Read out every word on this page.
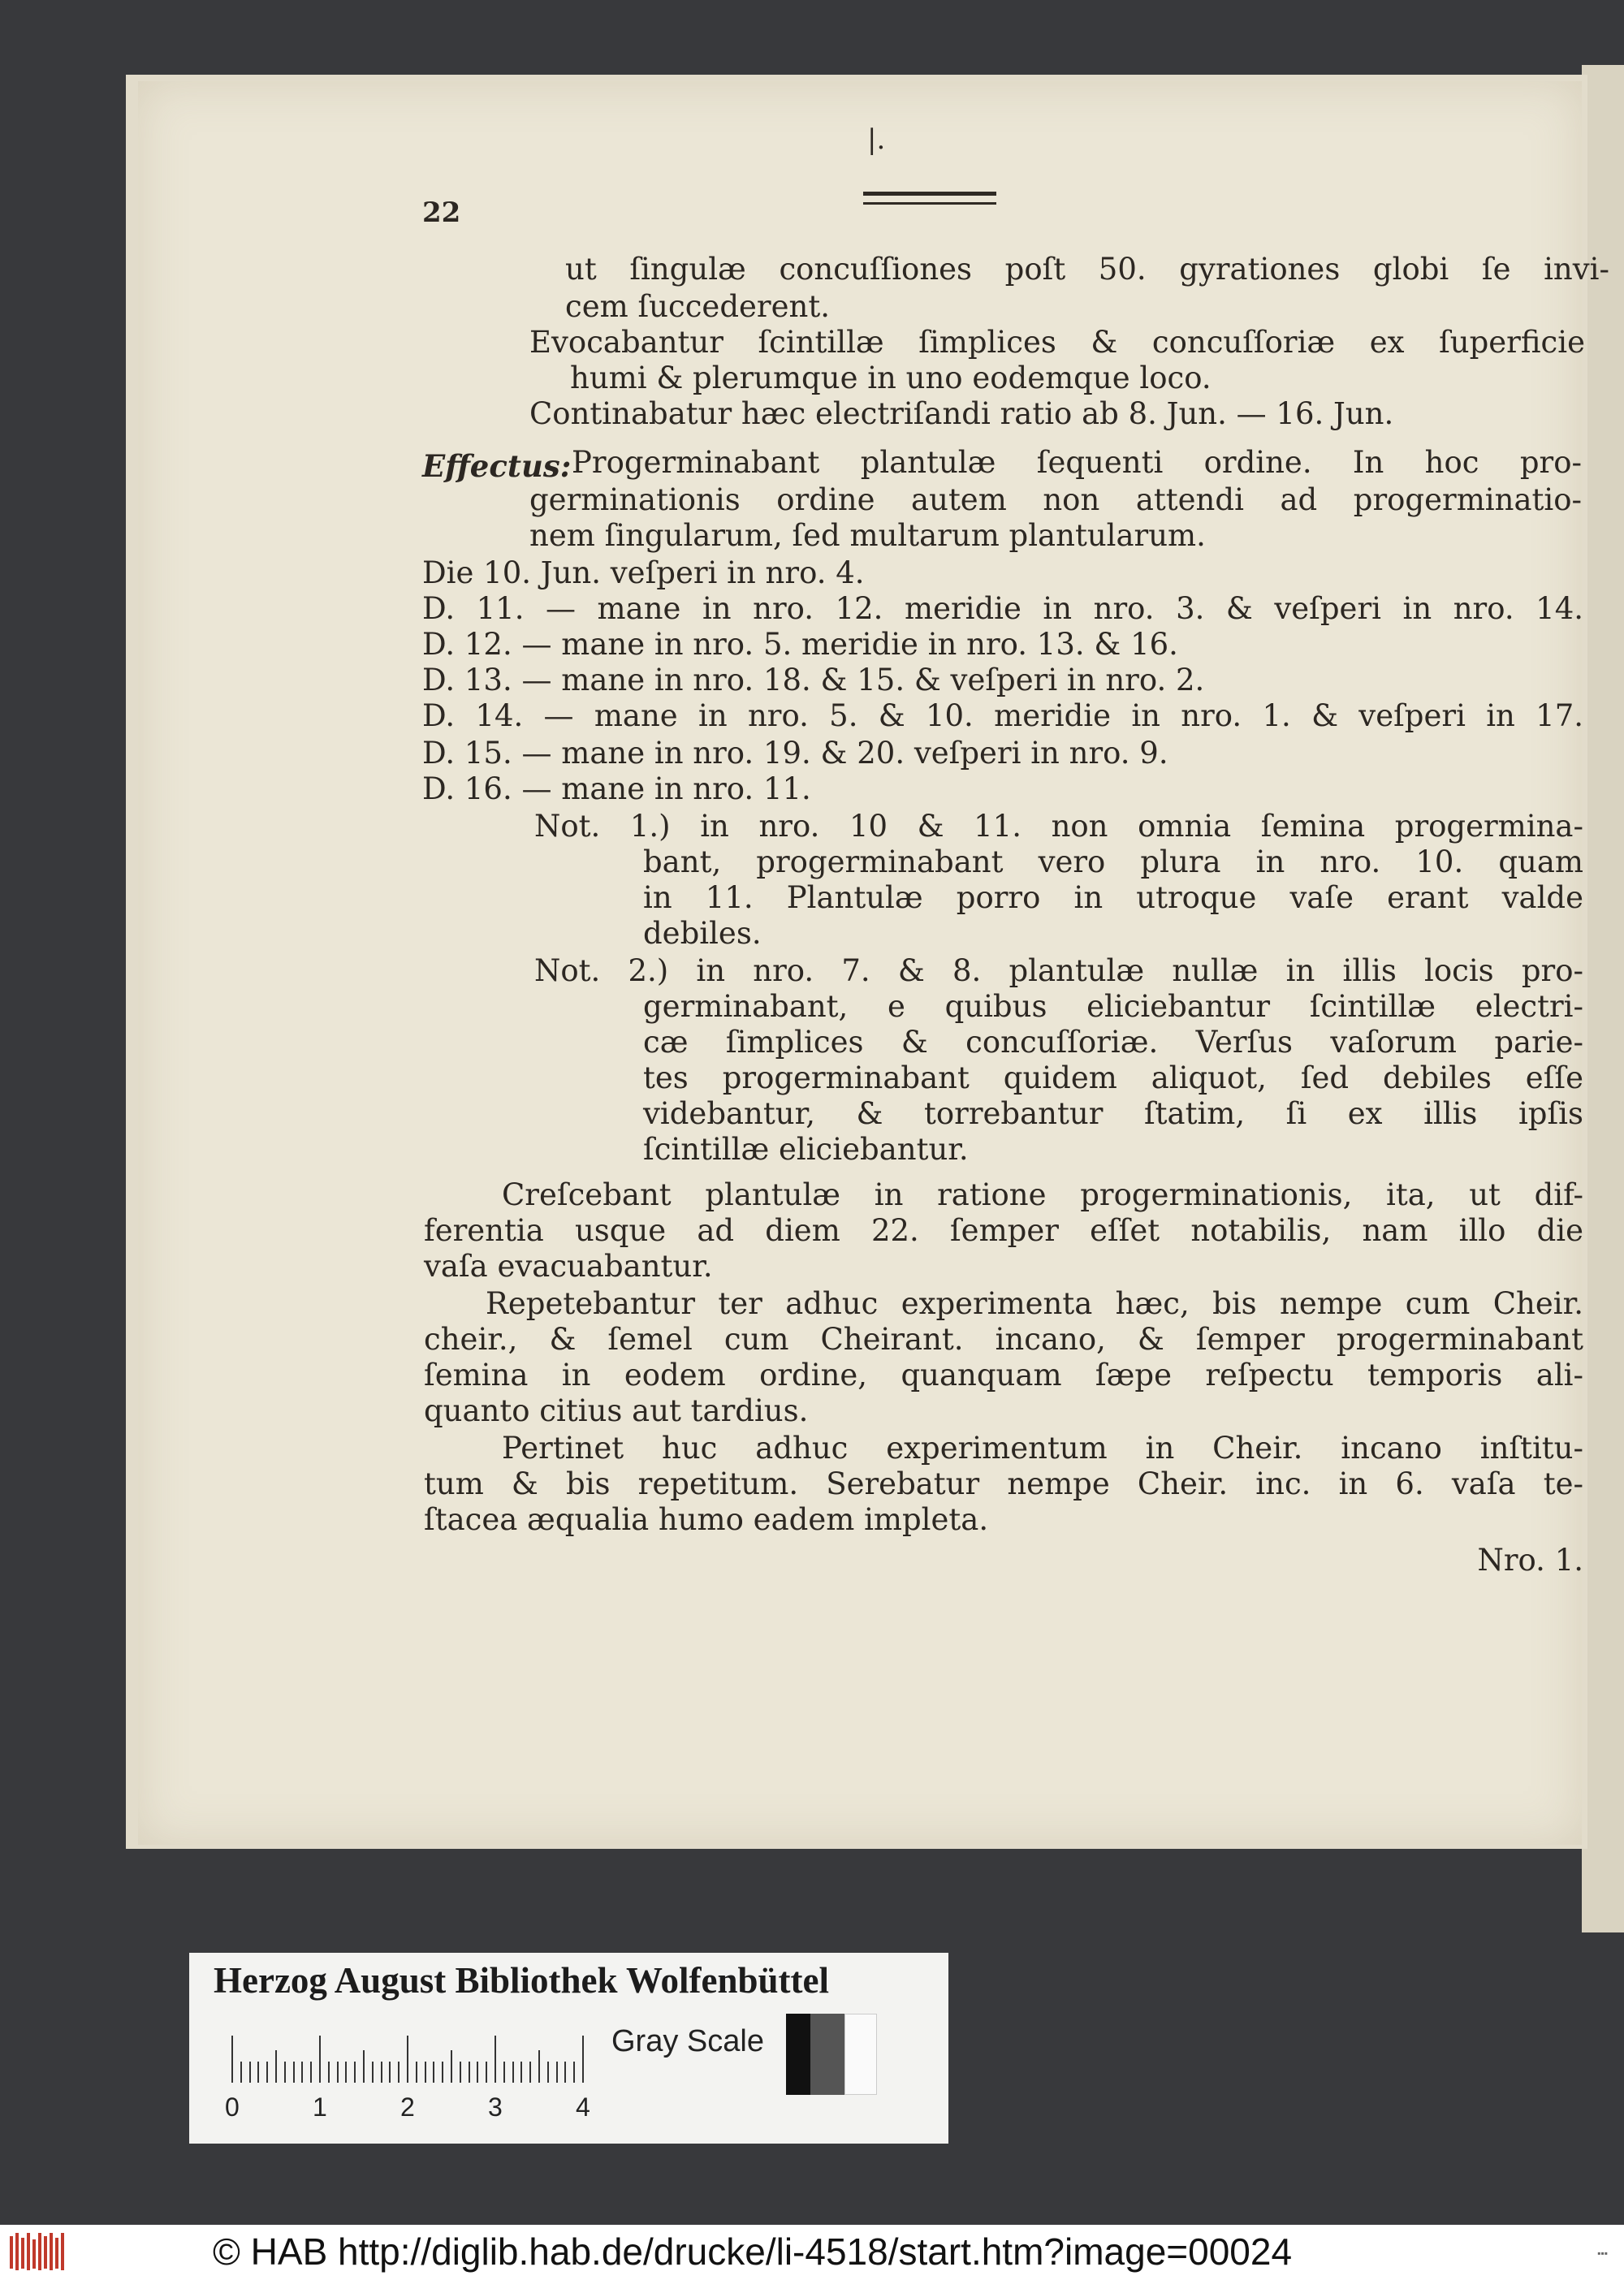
|.
22
ut ſingulæ concuſſiones poſt 50. gyrationes globi ſe invi-
cem ſuccederent.
Evocabantur ſcintillæ ſimplices & concuſſoriæ ex ſuperficie
humi & plerumque in uno eodemque loco.
Continabatur hæc electriſandi ratio ab 8. Jun. — 16. Jun.
Effectus: Progerminabant plantulæ ſequenti ordine. In hoc pro-
germinationis ordine autem non attendi ad progerminatio-
nem ſingularum, ſed multarum plantularum.
Die 10. Jun. veſperi in nro. 4.
D. 11. — mane in nro. 12. meridie in nro. 3. & veſperi in nro. 14.
D. 12. — mane in nro. 5. meridie in nro. 13. & 16.
D. 13. — mane in nro. 18. & 15. & veſperi in nro. 2.
D. 14. — mane in nro. 5. & 10. meridie in nro. 1. & veſperi in 17.
D. 15. — mane in nro. 19. & 20. veſperi in nro. 9.
D. 16. — mane in nro. 11.
Not. 1.) in nro. 10 & 11. non omnia ſemina progermina-
bant, progerminabant vero plura in nro. 10. quam
in 11. Plantulæ porro in utroque vaſe erant valde
debiles.
Not. 2.) in nro. 7. & 8. plantulæ nullæ in illis locis pro-
germinabant, e quibus eliciebantur ſcintillæ electri-
cæ ſimplices & concuſſoriæ. Verſus vaſorum parie-
tes progerminabant quidem aliquot, ſed debiles eſſe
videbantur, & torrebantur ſtatim, ſi ex illis ipſis
ſcintillæ eliciebantur.
Creſcebant plantulæ in ratione progerminationis, ita, ut dif-
ferentia usque ad diem 22. ſemper eſſet notabilis, nam illo die
vaſa evacuabantur.
Repetebantur ter adhuc experimenta hæc, bis nempe cum Cheir.
cheir., & ſemel cum Cheirant. incano, & ſemper progerminabant
ſemina in eodem ordine, quanquam ſæpe reſpectu temporis ali-
quanto citius aut tardius.
Pertinet huc adhuc experimentum in Cheir. incano inſtitu-
tum & bis repetitum. Serebatur nempe Cheir. inc. in 6. vaſa te-
ſtacea æqualia humo eadem impleta.
Nro. 1.
Herzog August Bibliothek Wolfenbüttel
0	1	2	3	4
Gray Scale
© HAB http://diglib.hab.de/drucke/li-4518/start.htm?image=00024	▪▪▪
